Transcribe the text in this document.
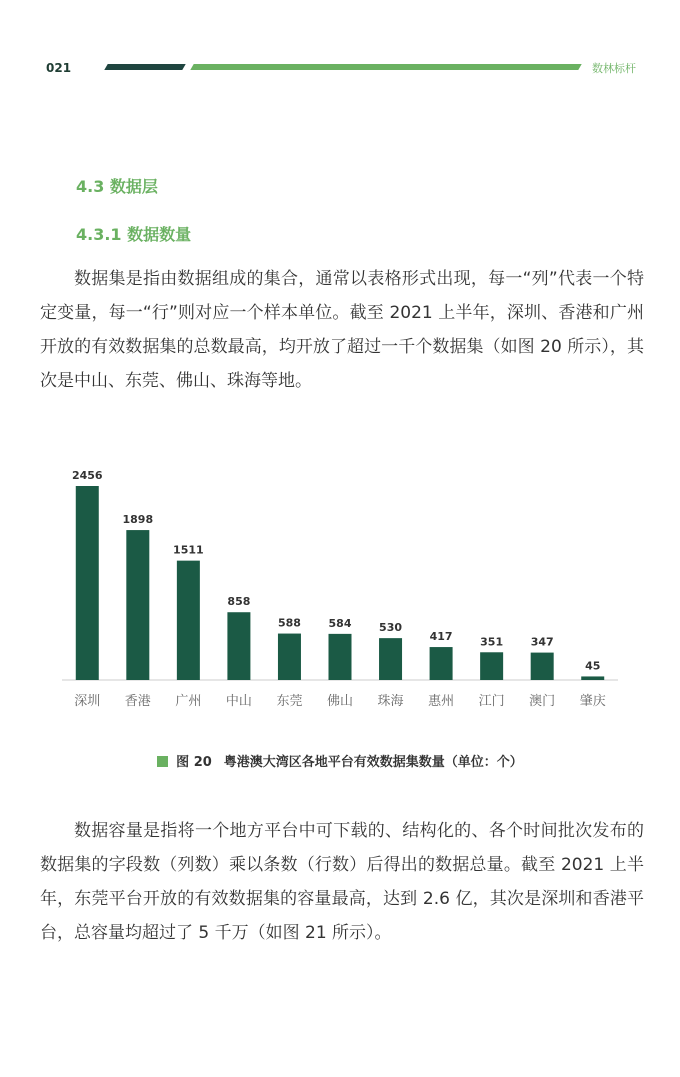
021	数林标杆
4.3 数据层
4.3.1 数据数量

数据集是指由数据组成的集合，通常以表格形式出现，每一“列”代表一个特定变量，每一“行”则对应一个样本单位。截至 2021 上半年，深圳、香港和广州开放的有效数据集的总数最高，均开放了超过一千个数据集（如图 20 所示），其次是中山、东莞、佛山、珠海等地。

2456
深圳
1898
香港
1511
广州
858
中山
588
东莞
584
佛山
530
珠海
417
惠州
351
江门
347
澳门
45
肇庆
图 20 粤港澳大湾区各地平台有效数据集数量（单位：个）

数据容量是指将一个地方平台中可下载的、结构化的、各个时间批次发布的数据集的字段数（列数）乘以条数（行数）后得出的数据总量。截至 2021 上半年，东莞平台开放的有效数据集的容量最高，达到 2.6 亿，其次是深圳和香港平台，总容量均超过了 5 千万（如图 21 所示）。
